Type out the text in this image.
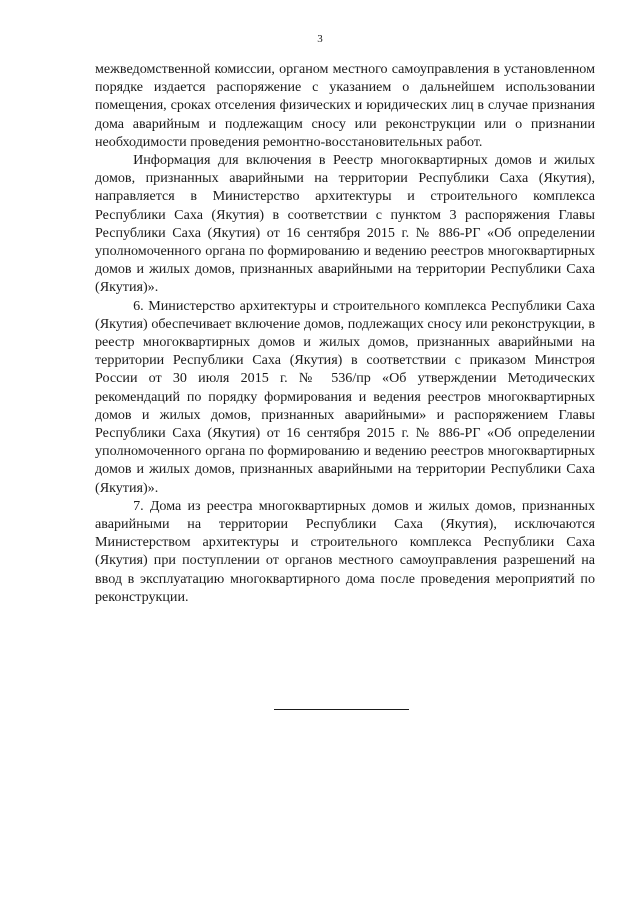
3

межведомственной комиссии, органом местного самоуправления в установленном порядке издается распоряжение с указанием о дальнейшем использовании помещения, сроках отселения физических и юридических лиц в случае признания дома аварийным и подлежащим сносу или реконструкции или о признании необходимости проведения ремонтно-восстановительных работ.

Информация для включения в Реестр многоквартирных домов и жилых домов, признанных аварийными на территории Республики Саха (Якутия), направляется в Министерство архитектуры и строительного комплекса Республики Саха (Якутия) в соответствии с пунктом 3 распоряжения Главы Республики Саха (Якутия) от 16 сентября 2015 г. № 886-РГ «Об определении уполномоченного органа по формированию и ведению реестров многоквартирных домов и жилых домов, признанных аварийными на территории Республики Саха (Якутия)».

6. Министерство архитектуры и строительного комплекса Республики Саха (Якутия) обеспечивает включение домов, подлежащих сносу или реконструкции, в реестр многоквартирных домов и жилых домов, признанных аварийными на территории Республики Саха (Якутия) в соответствии с приказом Минстроя России от 30 июля 2015 г. № 536/пр «Об утверждении Методических рекомендаций по порядку формирования и ведения реестров многоквартирных домов и жилых домов, признанных аварийными» и распоряжением Главы Республики Саха (Якутия) от 16 сентября 2015 г. № 886-РГ «Об определении уполномоченного органа по формированию и ведению реестров многоквартирных домов и жилых домов, признанных аварийными на территории Республики Саха (Якутия)».

7. Дома из реестра многоквартирных домов и жилых домов, признанных аварийными на территории Республики Саха (Якутия), исключаются Министерством архитектуры и строительного комплекса Республики Саха (Якутия) при поступлении от органов местного самоуправления разрешений на ввод в эксплуатацию многоквартирного дома после проведения мероприятий по реконструкции.
